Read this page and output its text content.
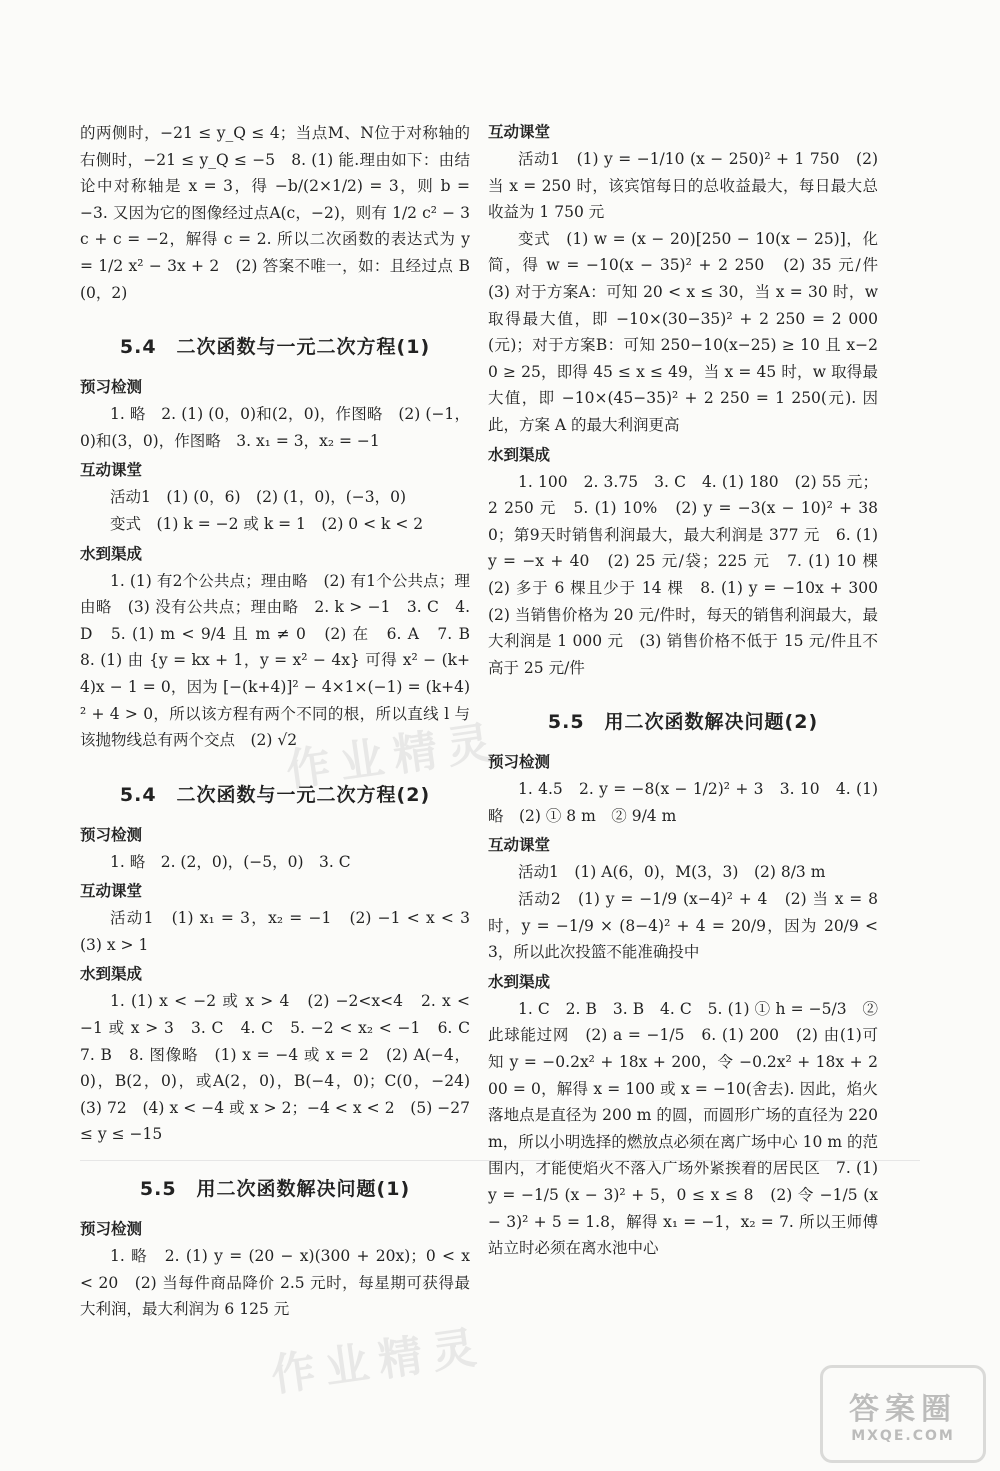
的两侧时，−21 ≤ y_Q ≤ 4；当点M、N位于对称轴的右侧时，−21 ≤ y_Q ≤ −5　8. (1) 能.理由如下：由结论中对称轴是 x = 3，得 −b/(2×1/2) = 3，则 b = −3. 又因为它的图像经过点A(c，−2)，则有 1/2 c² − 3c + c = −2，解得 c = 2. 所以二次函数的表达式为 y = 1/2 x² − 3x + 2　(2) 答案不唯一，如：且经过点 B(0，2)

5.4　二次函数与一元二次方程(1)
预习检测

1. 略　2. (1) (0，0)和(2，0)，作图略　(2) (−1，0)和(3，0)，作图略　3. x₁ = 3，x₂ = −1

互动课堂

活动1　(1) (0，6)　(2) (1，0)，(−3，0)

变式　(1) k = −2 或 k = 1　(2) 0 < k < 2

水到渠成

1. (1) 有2个公共点；理由略　(2) 有1个公共点；理由略　(3) 没有公共点；理由略　2. k > −1　3. C　4. D　5. (1) m < 9/4 且 m ≠ 0　(2) 在　6. A　7. B　8. (1) 由 {y = kx + 1，y = x² − 4x} 可得 x² − (k+4)x − 1 = 0，因为 [−(k+4)]² − 4×1×(−1) = (k+4)² + 4 > 0，所以该方程有两个不同的根，所以直线 l 与该抛物线总有两个交点　(2) √2

5.4　二次函数与一元二次方程(2)
预习检测

1. 略　2. (2，0)，(−5，0)　3. C

互动课堂

活动1　(1) x₁ = 3，x₂ = −1　(2) −1 < x < 3　(3) x > 1

水到渠成

1. (1) x < −2 或 x > 4　(2) −2<x<4　2. x < −1 或 x > 3　3. C　4. C　5. −2 < x₂ < −1　6. C　7. B　8. 图像略　(1) x = −4 或 x = 2　(2) A(−4，0)，B(2，0)，或A(2，0)，B(−4，0)；C(0，−24)　(3) 72　(4) x < −4 或 x > 2；−4 < x < 2　(5) −27 ≤ y ≤ −15

5.5　用二次函数解决问题(1)
预习检测

1. 略　2. (1) y = (20 − x)(300 + 20x)；0 < x < 20　(2) 当每件商品降价 2.5 元时，每星期可获得最大利润，最大利润为 6 125 元

互动课堂

活动1　(1) y = −1/10 (x − 250)² + 1 750　(2) 当 x = 250 时，该宾馆每日的总收益最大，每日最大总收益为 1 750 元

变式　(1) w = (x − 20)[250 − 10(x − 25)]，化简，得 w = −10(x − 35)² + 2 250　(2) 35 元/件　(3) 对于方案A：可知 20 < x ≤ 30，当 x = 30 时，w 取得最大值，即 −10×(30−35)² + 2 250 = 2 000(元)；对于方案B：可知 250−10(x−25) ≥ 10 且 x−20 ≥ 25，即得 45 ≤ x ≤ 49，当 x = 45 时，w 取得最大值，即 −10×(45−35)² + 2 250 = 1 250(元). 因此，方案 A 的最大利润更高

水到渠成

1. 100　2. 3.75　3. C　4. (1) 180　(2) 55 元；2 250 元　5. (1) 10%　(2) y = −3(x − 10)² + 380；第9天时销售利润最大，最大利润是 377 元　6. (1) y = −x + 40　(2) 25 元/袋；225 元　7. (1) 10 棵　(2) 多于 6 棵且少于 14 棵　8. (1) y = −10x + 300　(2) 当销售价格为 20 元/件时，每天的销售利润最大，最大利润是 1 000 元　(3) 销售价格不低于 15 元/件且不高于 25 元/件

5.5　用二次函数解决问题(2)
预习检测

1. 4.5　2. y = −8(x − 1/2)² + 3　3. 10　4. (1) 略　(2) ① 8 m　② 9/4 m

互动课堂

活动1　(1) A(6，0)，M(3，3)　(2) 8/3 m

活动2　(1) y = −1/9 (x−4)² + 4　(2) 当 x = 8 时，y = −1/9 × (8−4)² + 4 = 20/9，因为 20/9 < 3，所以此次投篮不能准确投中

水到渠成

1. C　2. B　3. B　4. C　5. (1) ① h = −5/3　② 此球能过网　(2) a = −1/5　6. (1) 200　(2) 由(1)可知 y = −0.2x² + 18x + 200，令 −0.2x² + 18x + 200 = 0，解得 x = 100 或 x = −10(舍去). 因此，焰火落地点是直径为 200 m 的圆，而圆形广场的直径为 220 m，所以小明选择的燃放点必须在离广场中心 10 m 的范围内，才能使焰火不落入广场外紧挨着的居民区　7. (1) y = −1/5 (x − 3)² + 5，0 ≤ x ≤ 8　(2) 令 −1/5 (x − 3)² + 5 = 1.8，解得 x₁ = −1，x₂ = 7. 所以王师傅站立时必须在离水池中心

作业精灵
作业精灵
答案圈
MXQE.COM
